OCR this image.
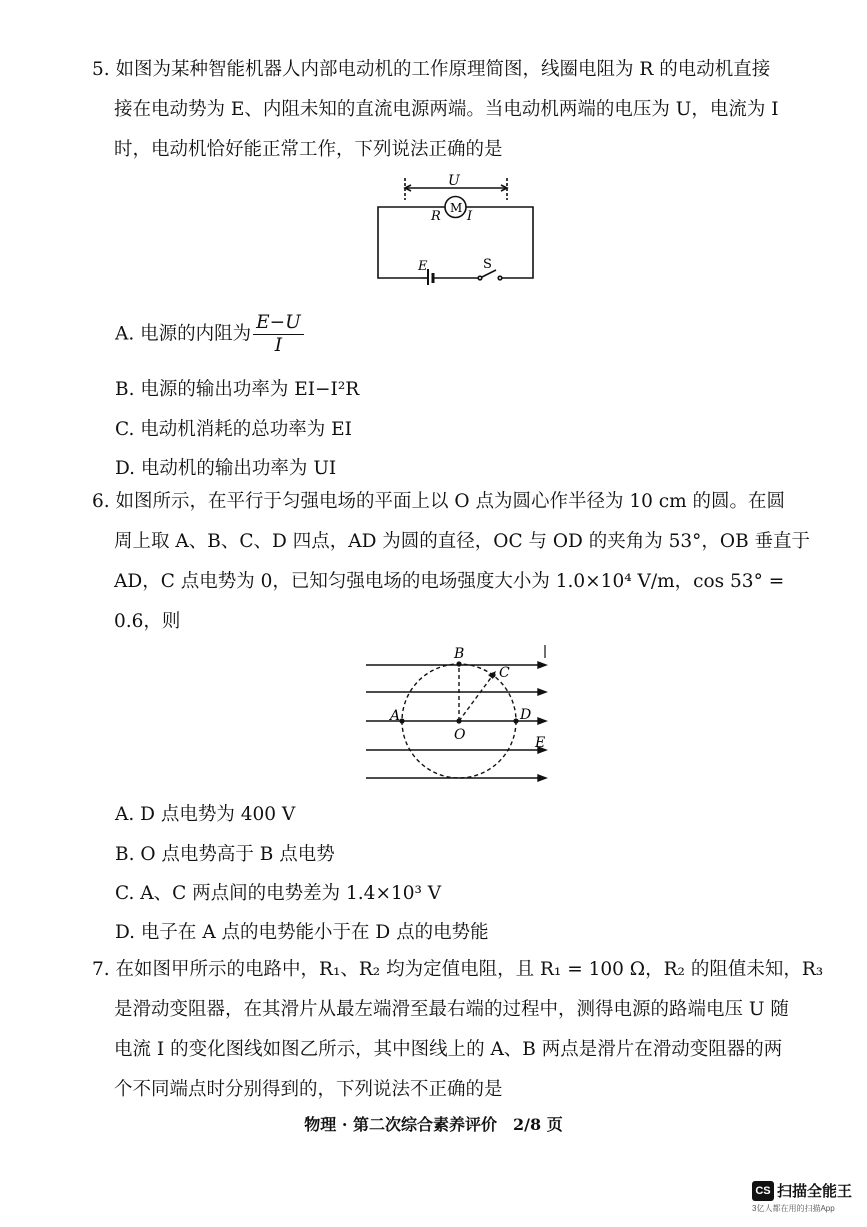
5. 如图为某种智能机器人内部电动机的工作原理简图，线圈电阻为 R 的电动机直接
接在电动势为 E、内阻未知的直流电源两端。当电动机两端的电压为 U，电流为 I
时，电动机恰好能正常工作，下列说法正确的是
U
M
R I
E	S
A. 电源的内阻为 $\frac{E-U}{I}$
B. 电源的输出功率为 EI−I²R
C. 电动机消耗的总功率为 EI
D. 电动机的输出功率为 UI
6. 如图所示，在平行于匀强电场的平面上以 O 点为圆心作半径为 10 cm 的圆。在圆
周上取 A、B、C、D 四点，AD 为圆的直径，OC 与 OD 的夹角为 53°，OB 垂直于
AD，C 点电势为 0，已知匀强电场的电场强度大小为 1.0×10⁴ V/m，cos 53° =
0.6，则
A
B
C
D
O	E
A. D 点电势为 400 V
B. O 点电势高于 B 点电势
C. A、C 两点间的电势差为 1.4×10³ V
D. 电子在 A 点的电势能小于在 D 点的电势能
7. 在如图甲所示的电路中，R₁、R₂ 均为定值电阻，且 R₁ = 100 Ω，R₂ 的阻值未知，R₃
是滑动变阻器，在其滑片从最左端滑至最右端的过程中，测得电源的路端电压 U 随
电流 I 的变化图线如图乙所示，其中图线上的 A、B 两点是滑片在滑动变阻器的两
个不同端点时分别得到的，下列说法不正确的是
物理 · 第二次综合素养评价　2/8 页
CS 扫描全能王
3亿人都在用的扫描App
